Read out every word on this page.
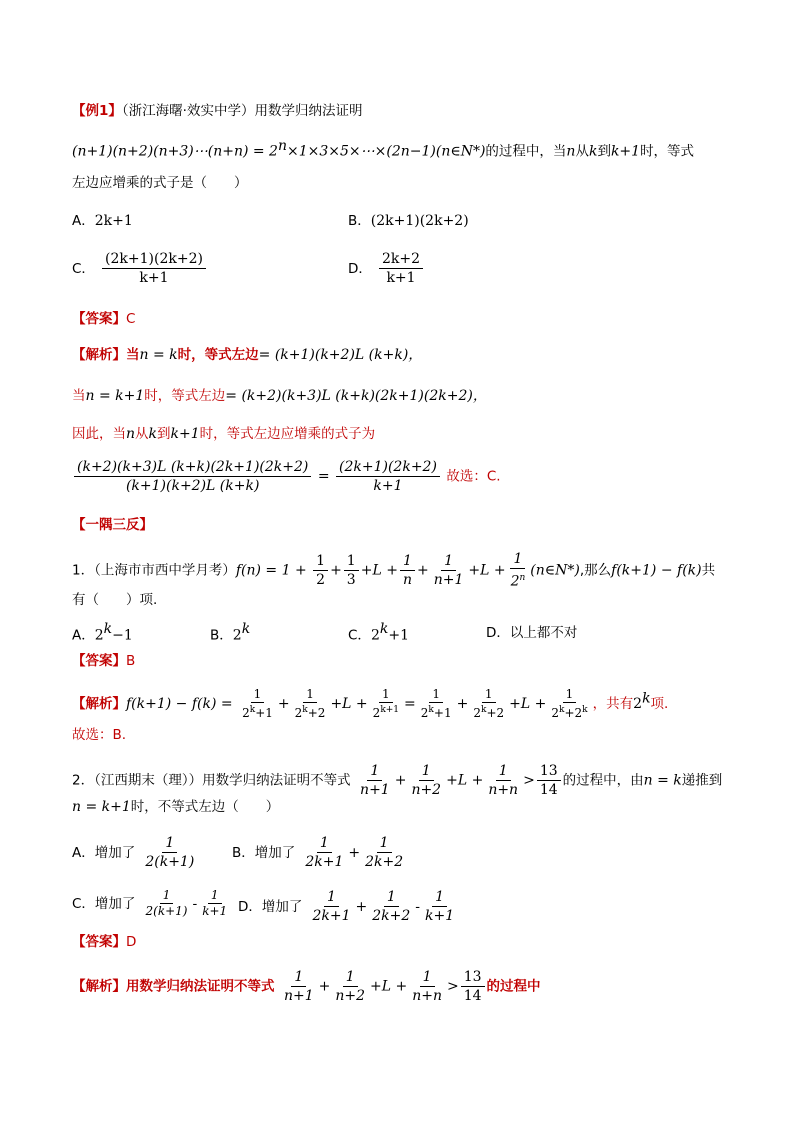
【例1】（浙江海曙·效实中学）用数学归纳法证明
(n+1)(n+2)(n+3)⋯(n+n) = $2^n\times 1\times 3\times 5\times\cdots\times(2n-1)(n\in N*)$的过程中，当n从k到k+1时，等式
左边应增乘的式子是（　　）
A．2k+1	B．(2k+1)(2k+2)
C． $\frac{(2k+1)(2k+2)}{k+1}$	D． $\frac{2k+2}{k+1}$
【答案】C
【解析】当n = k时，等式左边= (k+1)(k+2)L (k+k)，
当n = k+1时，等式左边= (k+2)(k+3)L (k+k)(2k+1)(2k+2)，
因此，当n从k到k+1时，等式左边应增乘的式子为
$\frac{(k+2)(k+3)L (k+k)(2k+1)(2k+2)}{(k+1)(k+2)L (k+k)} = \frac{(2k+1)(2k+2)}{k+1}$ 故选：C.
【一隅三反】
1．（上海市市西中学月考）$f(n) = 1 + \frac{1}{2} + \frac{1}{3} +L + \frac{1}{n} + \frac{1}{n+1} +L + \frac{1}{2^n}$ (n∈N*),那么f(k+1) − f(k)共
有（　　）项.
A．$2^k-1$	B．2$^k$	C．$2^k+1$	D．以上都不对
【答案】B
【解析】$f(k+1) - f(k) = \frac{1}{2^k+1} + \frac{1}{2^k+2} +L + \frac{1}{2^{k+1}} = \frac{1}{2^k+1} + \frac{1}{2^k+2} +L + \frac{1}{2^k+2^k}$ ，共有2$^k$项.
故选：B.
2．（江西期末（理））用数学归纳法证明不等式 $\frac{1}{n+1} + \frac{1}{n+2} +L + \frac{1}{n+n} > \frac{13}{14}$ 的过程中，由n = k递推到
n = k+1时，不等式左边（　　）
A．增加了 $\frac{1}{2(k+1)}$	B．增加了 $\frac{1}{2k+1} + \frac{1}{2k+2}$
C．增加了 $\frac{1}{2(k+1)} - \frac{1}{k+1}$ D．增加了 $\frac{1}{2k+1} + \frac{1}{2k+2} - \frac{1}{k+1}$
【答案】D
【解析】用数学归纳法证明不等式 $\frac{1}{n+1} + \frac{1}{n+2} +L + \frac{1}{n+n} > \frac{13}{14}$ 的过程中
